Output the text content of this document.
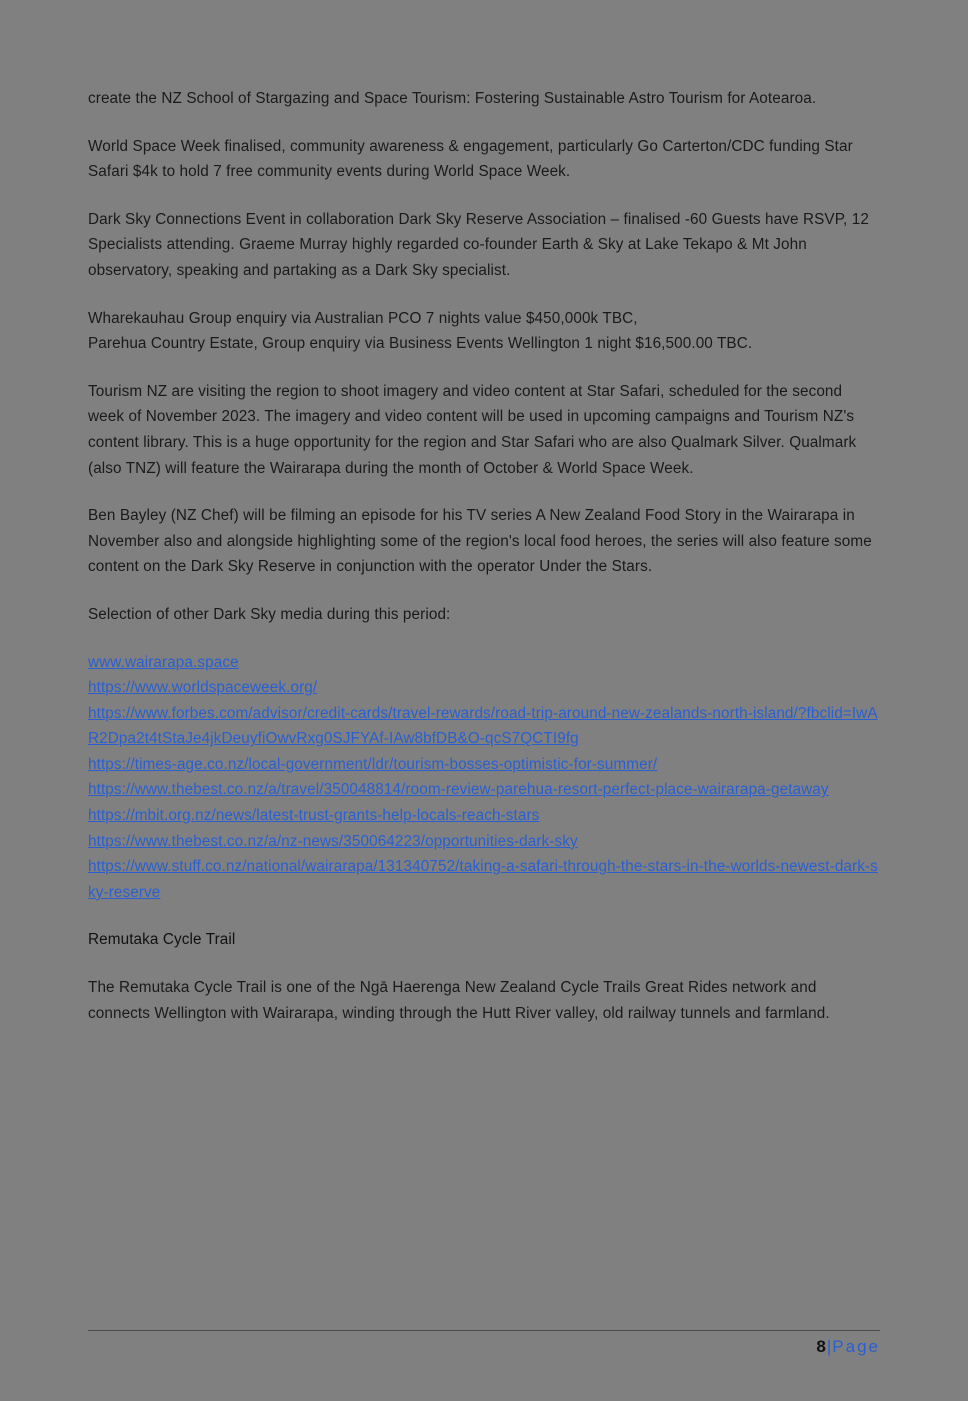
create the NZ School of Stargazing and Space Tourism: Fostering Sustainable Astro Tourism for Aotearoa.

World Space Week finalised, community awareness & engagement, particularly Go Carterton/CDC funding Star Safari $4k to hold 7 free community events during World Space Week.

Dark Sky Connections Event in collaboration Dark Sky Reserve Association – finalised -60 Guests have RSVP, 12 Specialists attending. Graeme Murray highly regarded co-founder Earth & Sky at Lake Tekapo & Mt John observatory, speaking and partaking as a Dark Sky specialist.

Wharekauhau Group enquiry via Australian PCO 7 nights value $450,000k TBC,

Parehua Country Estate, Group enquiry via Business Events Wellington 1 night $16,500.00 TBC.

Tourism NZ are visiting the region to shoot imagery and video content at Star Safari, scheduled for the second week of November 2023. The imagery and video content will be used in upcoming campaigns and Tourism NZ's content library. This is a huge opportunity for the region and Star Safari who are also Qualmark Silver. Qualmark (also TNZ) will feature the Wairarapa during the month of October & World Space Week.

Ben Bayley (NZ Chef) will be filming an episode for his TV series A New Zealand Food Story in the Wairarapa in November also and alongside highlighting some of the region's local food heroes, the series will also feature some content on the Dark Sky Reserve in conjunction with the operator Under the Stars.

Selection of other Dark Sky media during this period:

www.wairarapa.space
https://www.worldspaceweek.org/
https://www.forbes.com/advisor/credit-cards/travel-rewards/road-trip-around-new-zealands-north-island/?fbclid=IwAR2Dpa2t4tStaJe4jkDeuyfiOwvRxg0SJFYAf-IAw8bfDB&O-qcS7QCTI9fg
https://times-age.co.nz/local-government/ldr/tourism-bosses-optimistic-for-summer/
https://www.thebest.co.nz/a/travel/350048814/room-review-parehua-resort-perfect-place-wairarapa-getaway
https://mbit.org.nz/news/latest-trust-grants-help-locals-reach-stars
https://www.thebest.co.nz/a/nz-news/350064223/opportunities-dark-sky
https://www.stuff.co.nz/national/wairarapa/131340752/taking-a-safari-through-the-stars-in-the-worlds-newest-dark-sky-reserve

Remutaka Cycle Trail

The Remutaka Cycle Trail is one of the Ngā Haerenga New Zealand Cycle Trails Great Rides network and connects Wellington with Wairarapa, winding through the Hutt River valley, old railway tunnels and farmland.

8|Page
